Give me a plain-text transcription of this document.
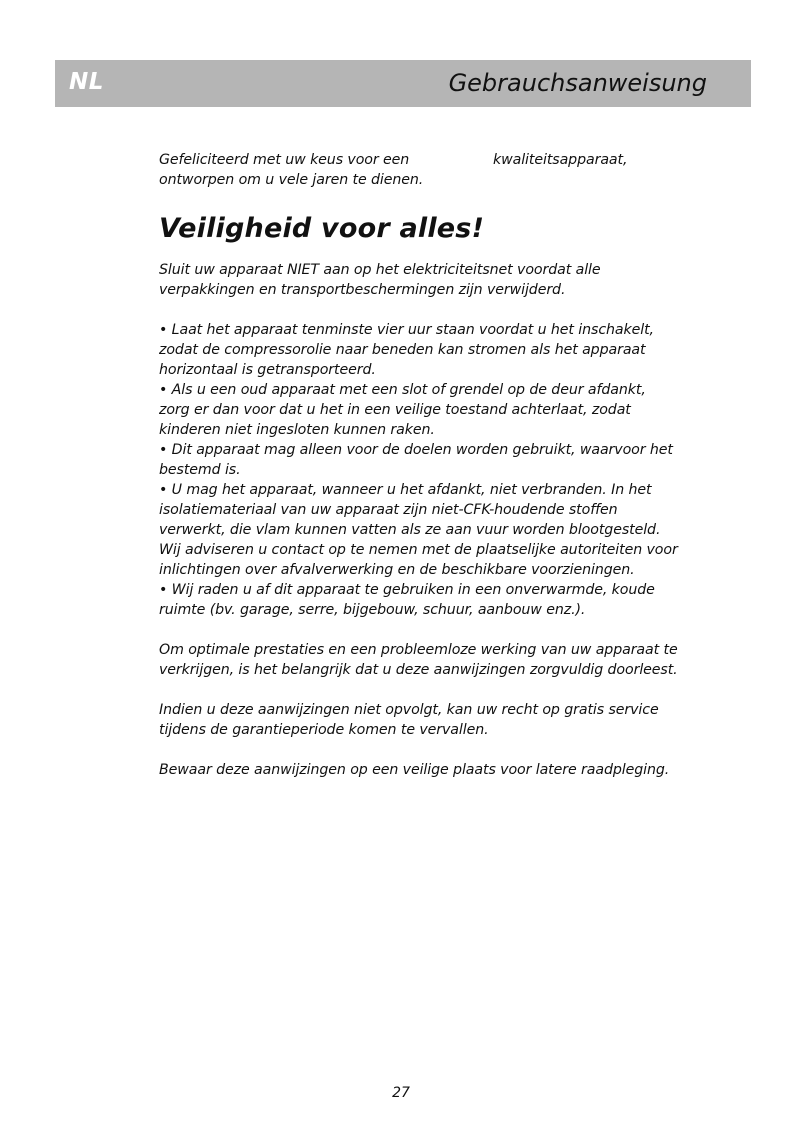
NL	Gebrauchsanweisung
Gefeliciteerd met uw keus voor een ontworpen om u vele jaren te dienen.
kwaliteitsapparaat,
Veiligheid voor alles!

Sluit uw apparaat NIET aan op het elektriciteitsnet voordat alle verpakkingen en transportbeschermingen zijn verwijderd.

• Laat het apparaat tenminste vier uur staan voordat u het inschakelt, zodat de compressorolie naar beneden kan stromen als het apparaat horizontaal is getransporteerd.

• Als u een oud apparaat met een slot of grendel op de deur afdankt, zorg er dan voor dat u het in een veilige toestand achterlaat, zodat kinderen niet ingesloten kunnen raken.

• Dit apparaat mag alleen voor de doelen worden gebruikt, waarvoor het bestemd is.

• U mag het apparaat, wanneer u het afdankt, niet verbranden. In het isolatiemateriaal van uw apparaat zijn niet-CFK-houdende stoffen verwerkt, die vlam kunnen vatten als ze aan vuur worden blootgesteld. Wij adviseren u contact op te nemen met de plaatselijke autoriteiten voor inlichtingen over afvalverwerking en de beschikbare voorzieningen.

• Wij raden u af dit apparaat te gebruiken in een onverwarmde, koude ruimte (bv. garage, serre, bijgebouw, schuur, aanbouw enz.).

Om optimale prestaties en een probleemloze werking van uw apparaat te verkrijgen, is het belangrijk dat u deze aanwijzingen zorgvuldig doorleest.

Indien u deze aanwijzingen niet opvolgt, kan uw recht op gratis service tijdens de garantieperiode komen te vervallen.

Bewaar deze aanwijzingen op een veilige plaats voor latere raadpleging.

27
